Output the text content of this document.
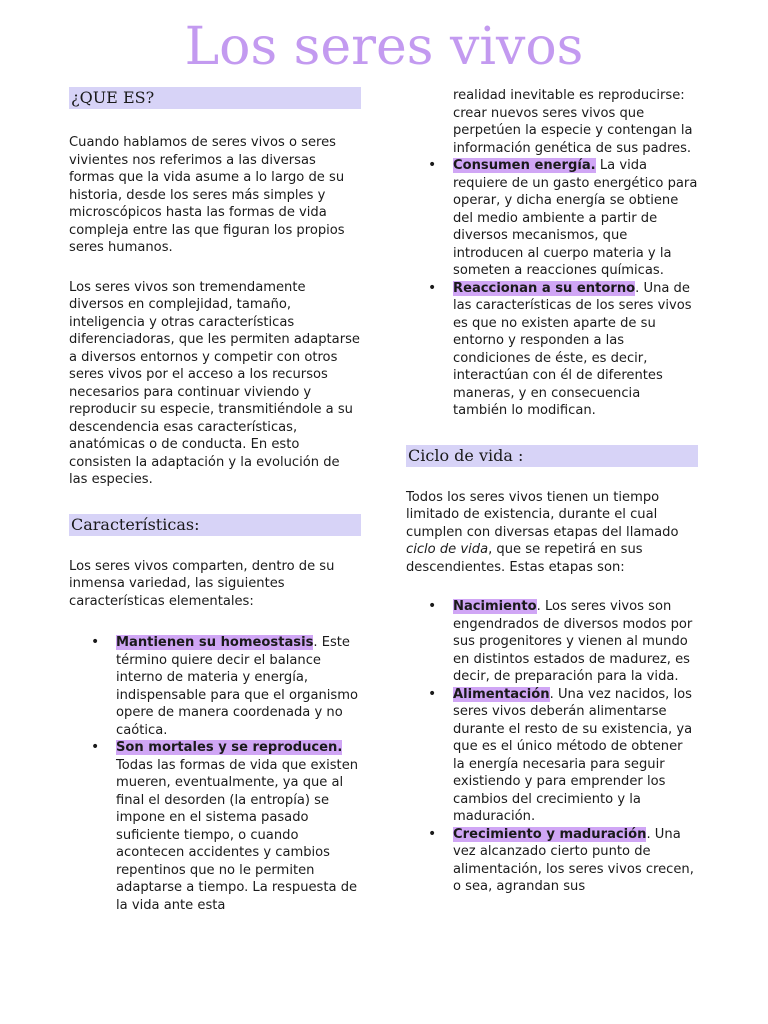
Los seres vivos
¿QUE ES?

Cuando hablamos de seres vivos o seres vivientes nos referimos a las diversas formas que la vida asume a lo largo de su historia, desde los seres más simples y microscópicos hasta las formas de vida compleja entre las que figuran los propios seres humanos.

Los seres vivos son tremendamente diversos en complejidad, tamaño, inteligencia y otras características diferenciadoras, que les permiten adaptarse a diversos entornos y competir con otros seres vivos por el acceso a los recursos necesarios para continuar viviendo y reproducir su especie, transmitiéndole a su descendencia esas características, anatómicas o de conducta. En esto consisten la adaptación y la evolución de las especies.

Características:

Los seres vivos comparten, dentro de su inmensa variedad, las siguientes características elementales:

• Mantienen su homeostasis. Este término quiere decir el balance interno de materia y energía, indispensable para que el organismo opere de manera coordenada y no caótica.
• Son mortales y se reproducen. Todas las formas de vida que existen mueren, eventualmente, ya que al final el desorden (la entropía) se impone en el sistema pasado suficiente tiempo, o cuando acontecen accidentes y cambios repentinos que no le permiten adaptarse a tiempo. La respuesta de la vida ante esta
realidad inevitable es reproducirse: crear nuevos seres vivos que perpetúen la especie y contengan la información genética de sus padres.
• Consumen energía. La vida requiere de un gasto energético para operar, y dicha energía se obtiene del medio ambiente a partir de diversos mecanismos, que introducen al cuerpo materia y la someten a reacciones químicas.
• Reaccionan a su entorno. Una de las características de los seres vivos es que no existen aparte de su entorno y responden a las condiciones de éste, es decir, interactúan con él de diferentes maneras, y en consecuencia también lo modifican.
Ciclo de vida :

Todos los seres vivos tienen un tiempo limitado de existencia, durante el cual cumplen con diversas etapas del llamado ciclo de vida, que se repetirá en sus descendientes. Estas etapas son:

• Nacimiento. Los seres vivos son engendrados de diversos modos por sus progenitores y vienen al mundo en distintos estados de madurez, es decir, de preparación para la vida.
• Alimentación. Una vez nacidos, los seres vivos deberán alimentarse durante el resto de su existencia, ya que es el único método de obtener la energía necesaria para seguir existiendo y para emprender los cambios del crecimiento y la maduración.
• Crecimiento y maduración. Una vez alcanzado cierto punto de alimentación, los seres vivos crecen, o sea, agrandan sus
